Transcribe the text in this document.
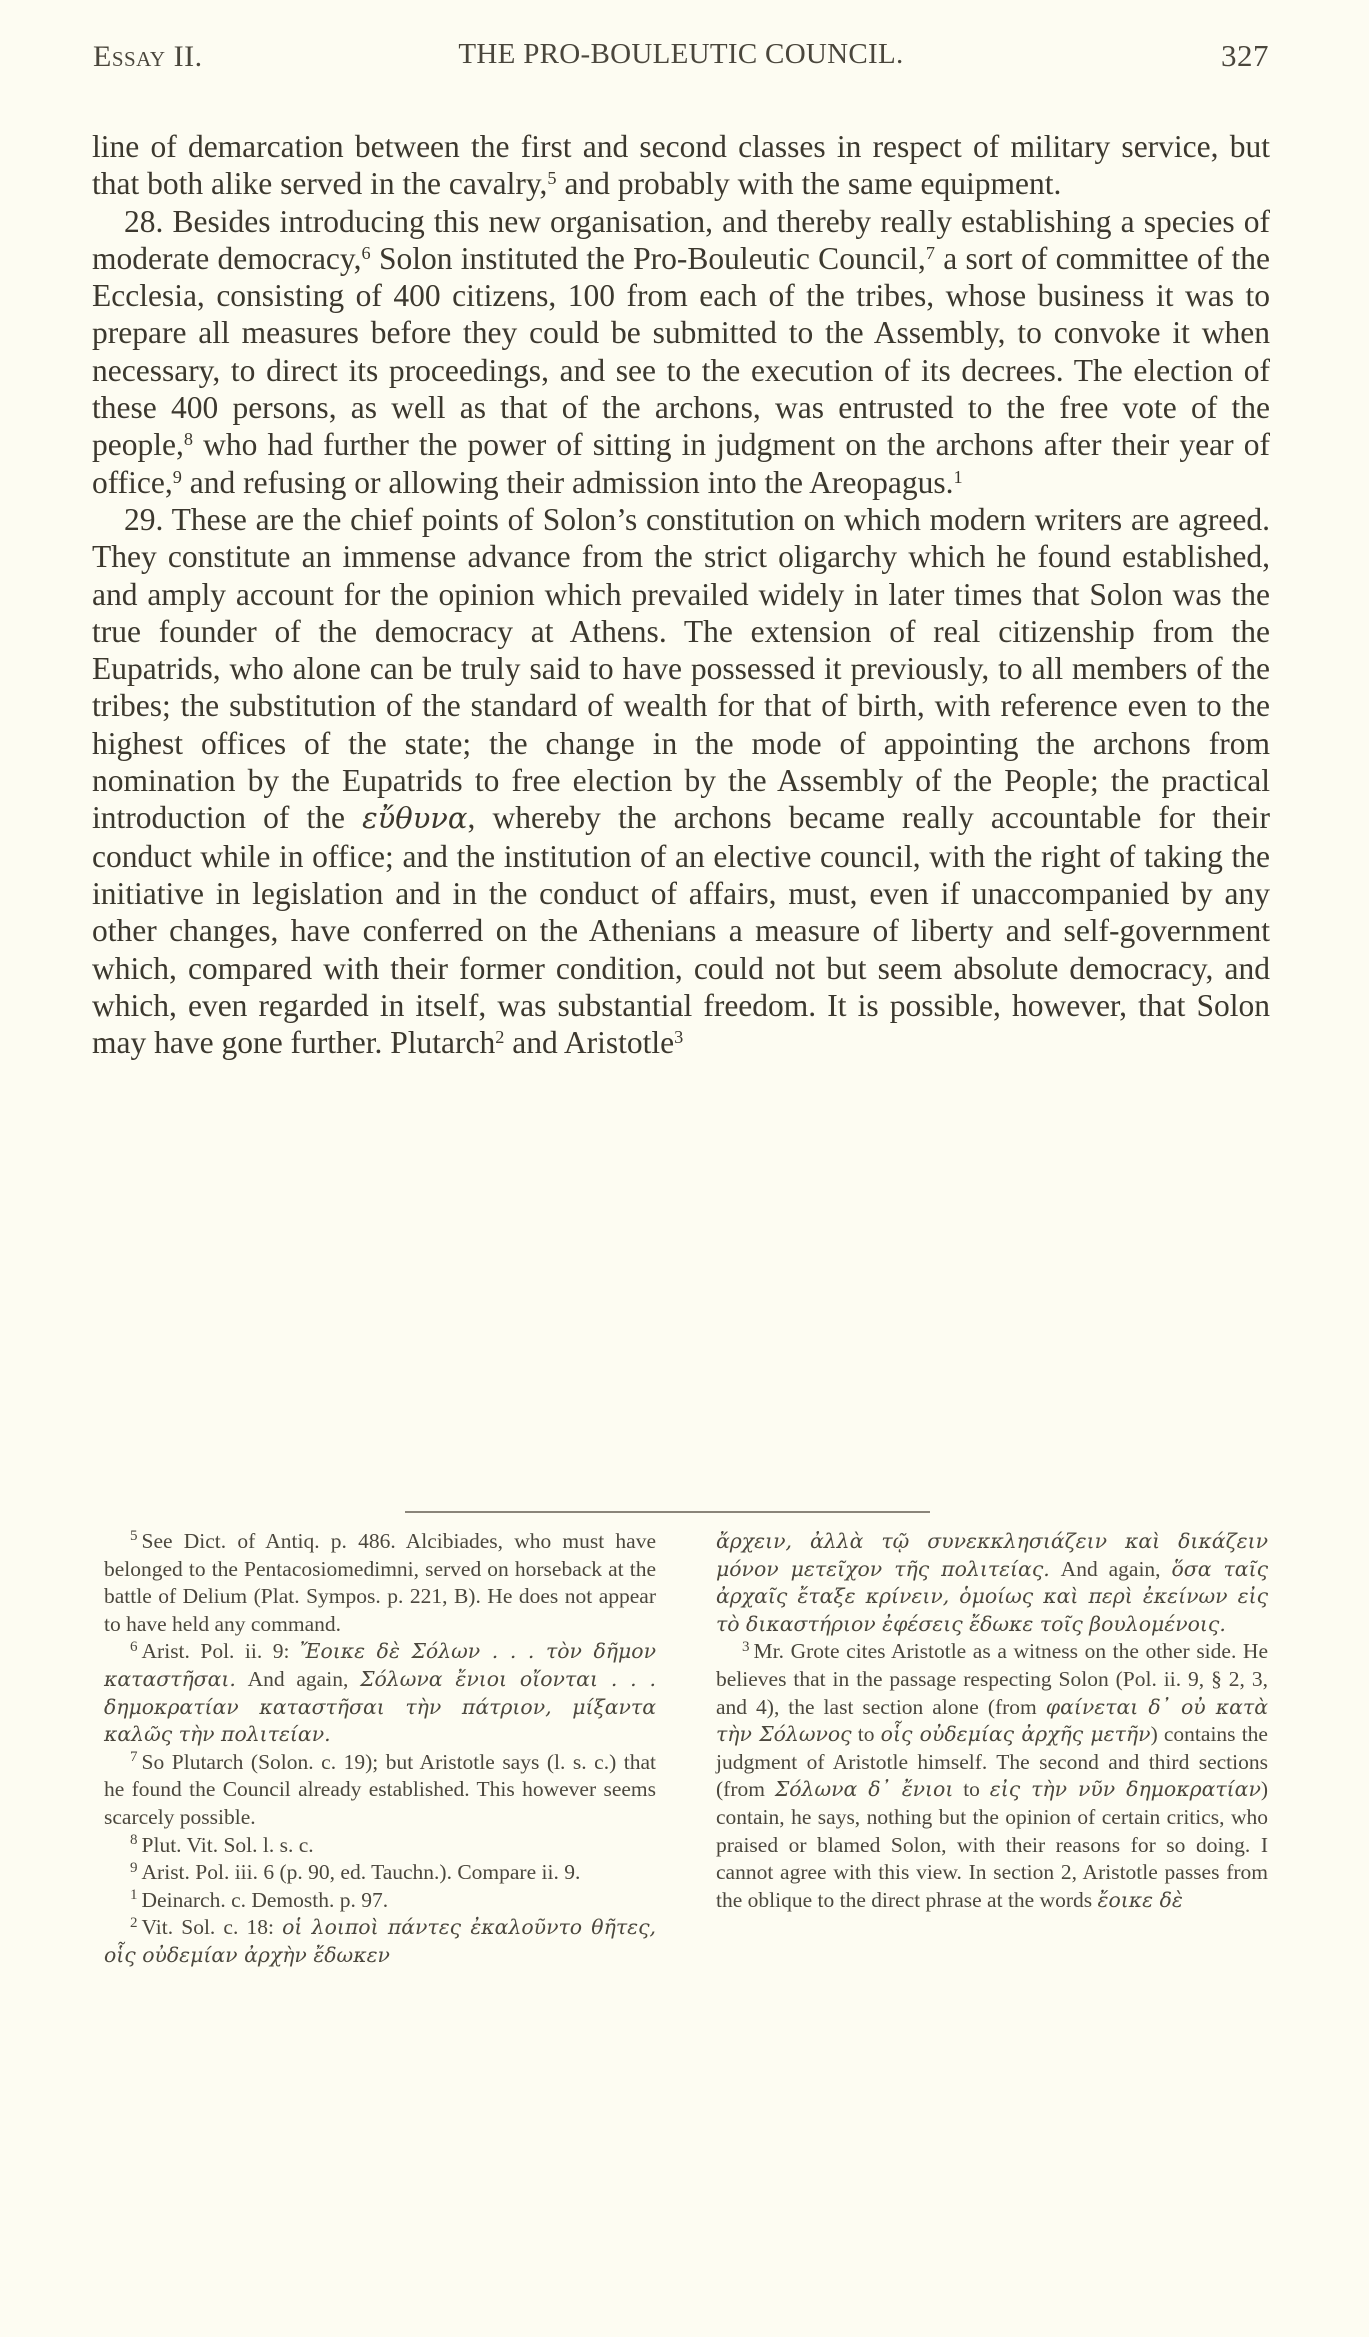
Essay II.	THE PRO-BOULEUTIC COUNCIL.	327

line of demarcation between the first and second classes in respect of military service, but that both alike served in the cavalry,$^5$ and probably with the same equipment.

28. Besides introducing this new organisation, and thereby really establishing a species of moderate democracy,$^6$ Solon instituted the Pro-Bouleutic Council,$^7$ a sort of committee of the Ecclesia, consisting of 400 citizens, 100 from each of the tribes, whose business it was to prepare all measures before they could be submitted to the Assembly, to convoke it when necessary, to direct its proceedings, and see to the execution of its decrees. The election of these 400 persons, as well as that of the archons, was entrusted to the free vote of the people,$^8$ who had further the power of sitting in judgment on the archons after their year of office,$^9$ and refusing or allowing their admission into the Areopagus.$^1$

29. These are the chief points of Solon’s constitution on which modern writers are agreed. They constitute an immense advance from the strict oligarchy which he found established, and amply account for the opinion which prevailed widely in later times that Solon was the true founder of the democracy at Athens. The extension of real citizenship from the Eupatrids, who alone can be truly said to have possessed it previously, to all members of the tribes; the substitution of the standard of wealth for that of birth, with reference even to the highest offices of the state; the change in the mode of appointing the archons from nomination by the Eupatrids to free election by the Assembly of the People; the practical introduction of the εὔθυνα, whereby the archons became really accountable for their conduct while in office; and the institution of an elective council, with the right of taking the initiative in legislation and in the conduct of affairs, must, even if unaccompanied by any other changes, have conferred on the Athenians a measure of liberty and self-government which, compared with their former condition, could not but seem absolute democracy, and which, even regarded in itself, was substantial freedom. It is possible, however, that Solon may have gone further. Plutarch$^2$ and Aristotle$^3$

$^5$ See Dict. of Antiq. p. 486. Alcibiades, who must have belonged to the Pentacosiomedimni, served on horseback at the battle of Delium (Plat. Sympos. p. 221, B). He does not appear to have held any command.

$^6$ Arist. Pol. ii. 9: Ἔοικε δὲ Σόλων . . . τὸν δῆμον καταστῆσαι. And again, Σόλωνα ἔνιοι οἴονται . . . δημοκρατίαν καταστῆσαι τὴν πάτριον, μίξαντα καλῶς τὴν πολιτείαν.

$^7$ So Plutarch (Solon. c. 19); but Aristotle says (l. s. c.) that he found the Council already established. This however seems scarcely possible.

$^8$ Plut. Vit. Sol. l. s. c.

$^9$ Arist. Pol. iii. 6 (p. 90, ed. Tauchn.). Compare ii. 9.

$^1$ Deinarch. c. Demosth. p. 97.

$^2$ Vit. Sol. c. 18: οἱ λοιποὶ πάντες ἐκαλοῦντο θῆτες, οἷς οὐδεμίαν ἀρχὴν ἔδωκεν

ἄρχειν, ἀλλὰ τῷ συνεκκλησιάζειν καὶ δικάζειν μόνον μετεῖχον τῆς πολιτείας. And again, ὅσα ταῖς ἀρχαῖς ἔταξε κρίνειν, ὁμοίως καὶ περὶ ἐκείνων εἰς τὸ δικαστήριον ἐφέσεις ἔδωκε τοῖς βουλομένοις.

$^3$ Mr. Grote cites Aristotle as a witness on the other side. He believes that in the passage respecting Solon (Pol. ii. 9, § 2, 3, and 4), the last section alone (from φαίνεται δ᾽ οὐ κατὰ τὴν Σόλωνος to οἷς οὐδεμίας ἀρχῆς μετῆν) contains the judgment of Aristotle himself. The second and third sections (from Σόλωνα δ᾽ ἔνιοι to εἰς τὴν νῦν δημοκρατίαν) contain, he says, nothing but the opinion of certain critics, who praised or blamed Solon, with their reasons for so doing. I cannot agree with this view. In section 2, Aristotle passes from the oblique to the direct phrase at the words ἔοικε δὲ
